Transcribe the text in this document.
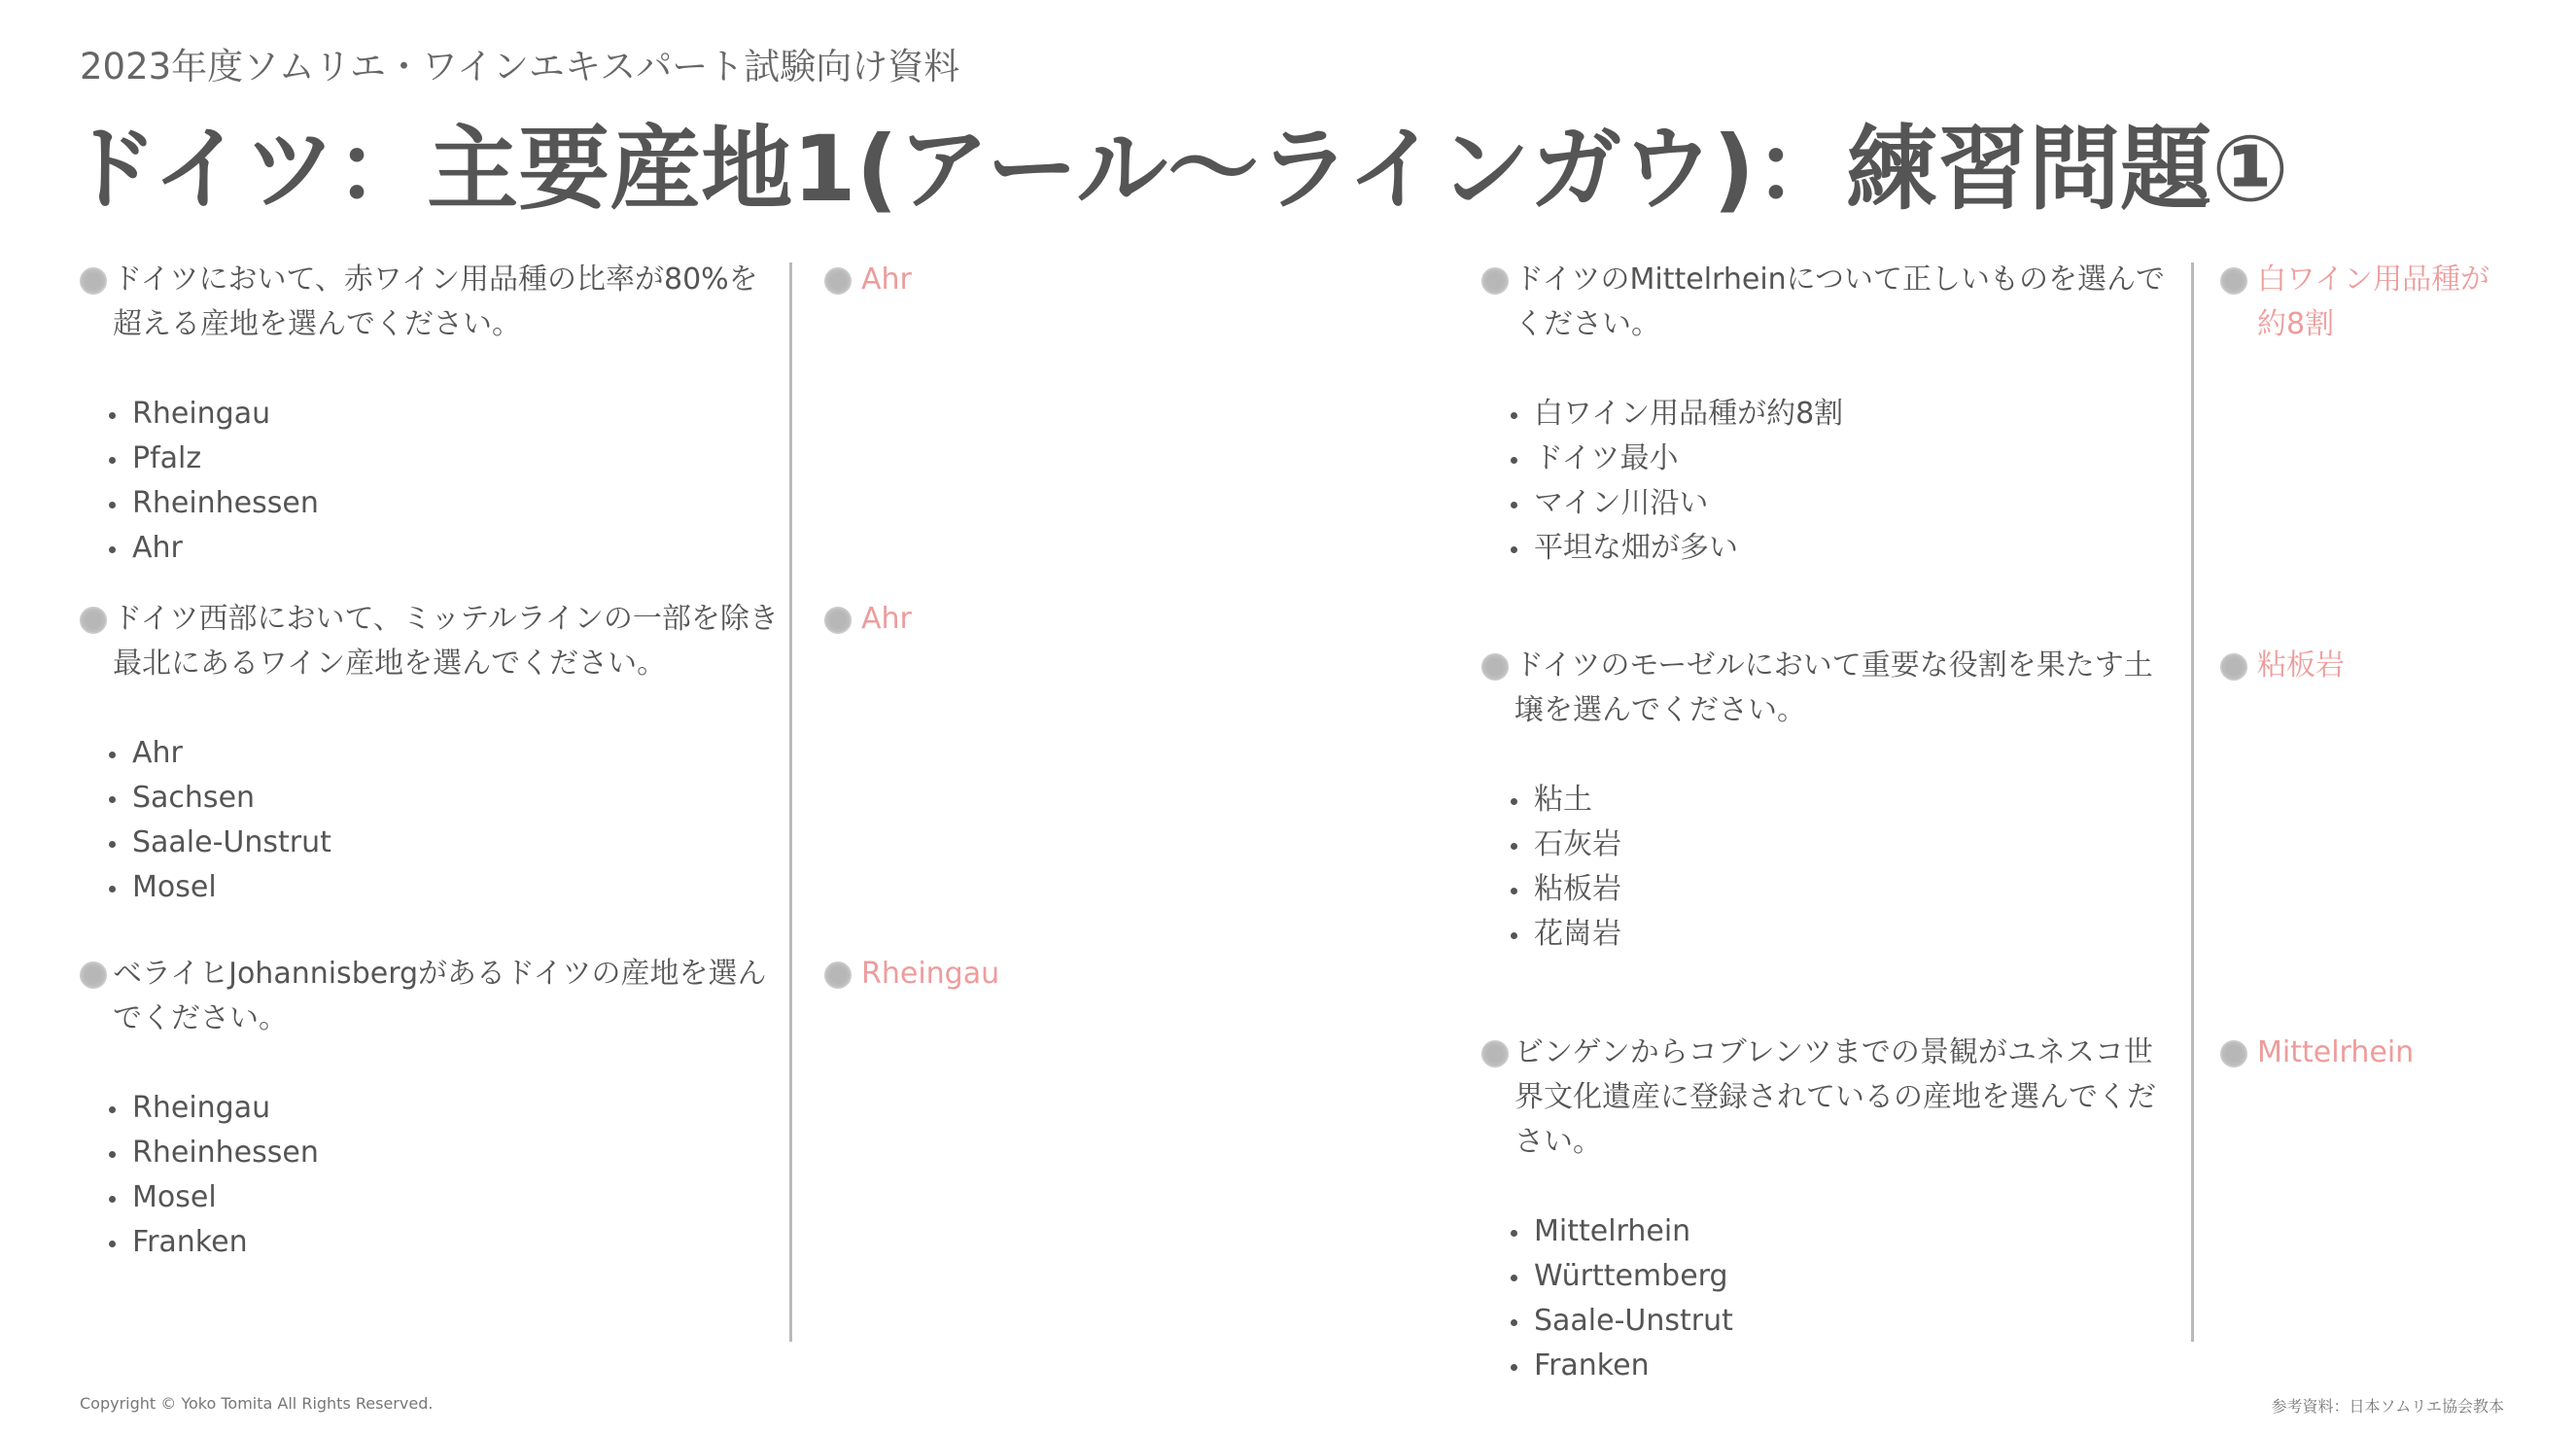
2023年度ソムリエ・ワインエキスパート試験向け資料
ドイツ：主要産地1(アール〜ラインガウ)：練習問題①
ドイツにおいて、赤ワイン用品種の比率が80%を超える産地を選んでください。
Rheingau
Pfalz
Rheinhessen
Ahr
Ahr
ドイツ西部において、ミッテルラインの一部を除き最北にあるワイン産地を選んでください。
Ahr
Sachsen
Saale-Unstrut
Mosel
Ahr
ベライヒJohannisbergがあるドイツの産地を選んでください。
Rheingau
Rheinhessen
Mosel
Franken
Rheingau
ドイツのMittelrheinについて正しいものを選んでください。
白ワイン用品種が約8割
ドイツ最小
マイン川沿い
平坦な畑が多い
白ワイン用品種が約8割
ドイツのモーゼルにおいて重要な役割を果たす土壌を選んでください。
粘土
石灰岩
粘板岩
花崗岩
粘板岩
ビンゲンからコブレンツまでの景観がユネスコ世界文化遺産に登録されているの産地を選んでください。
Mittelrhein
Württemberg
Saale-Unstrut
Franken
Mittelrhein
Copyright © Yoko Tomita All Rights Reserved.	参考資料：日本ソムリエ協会教本
